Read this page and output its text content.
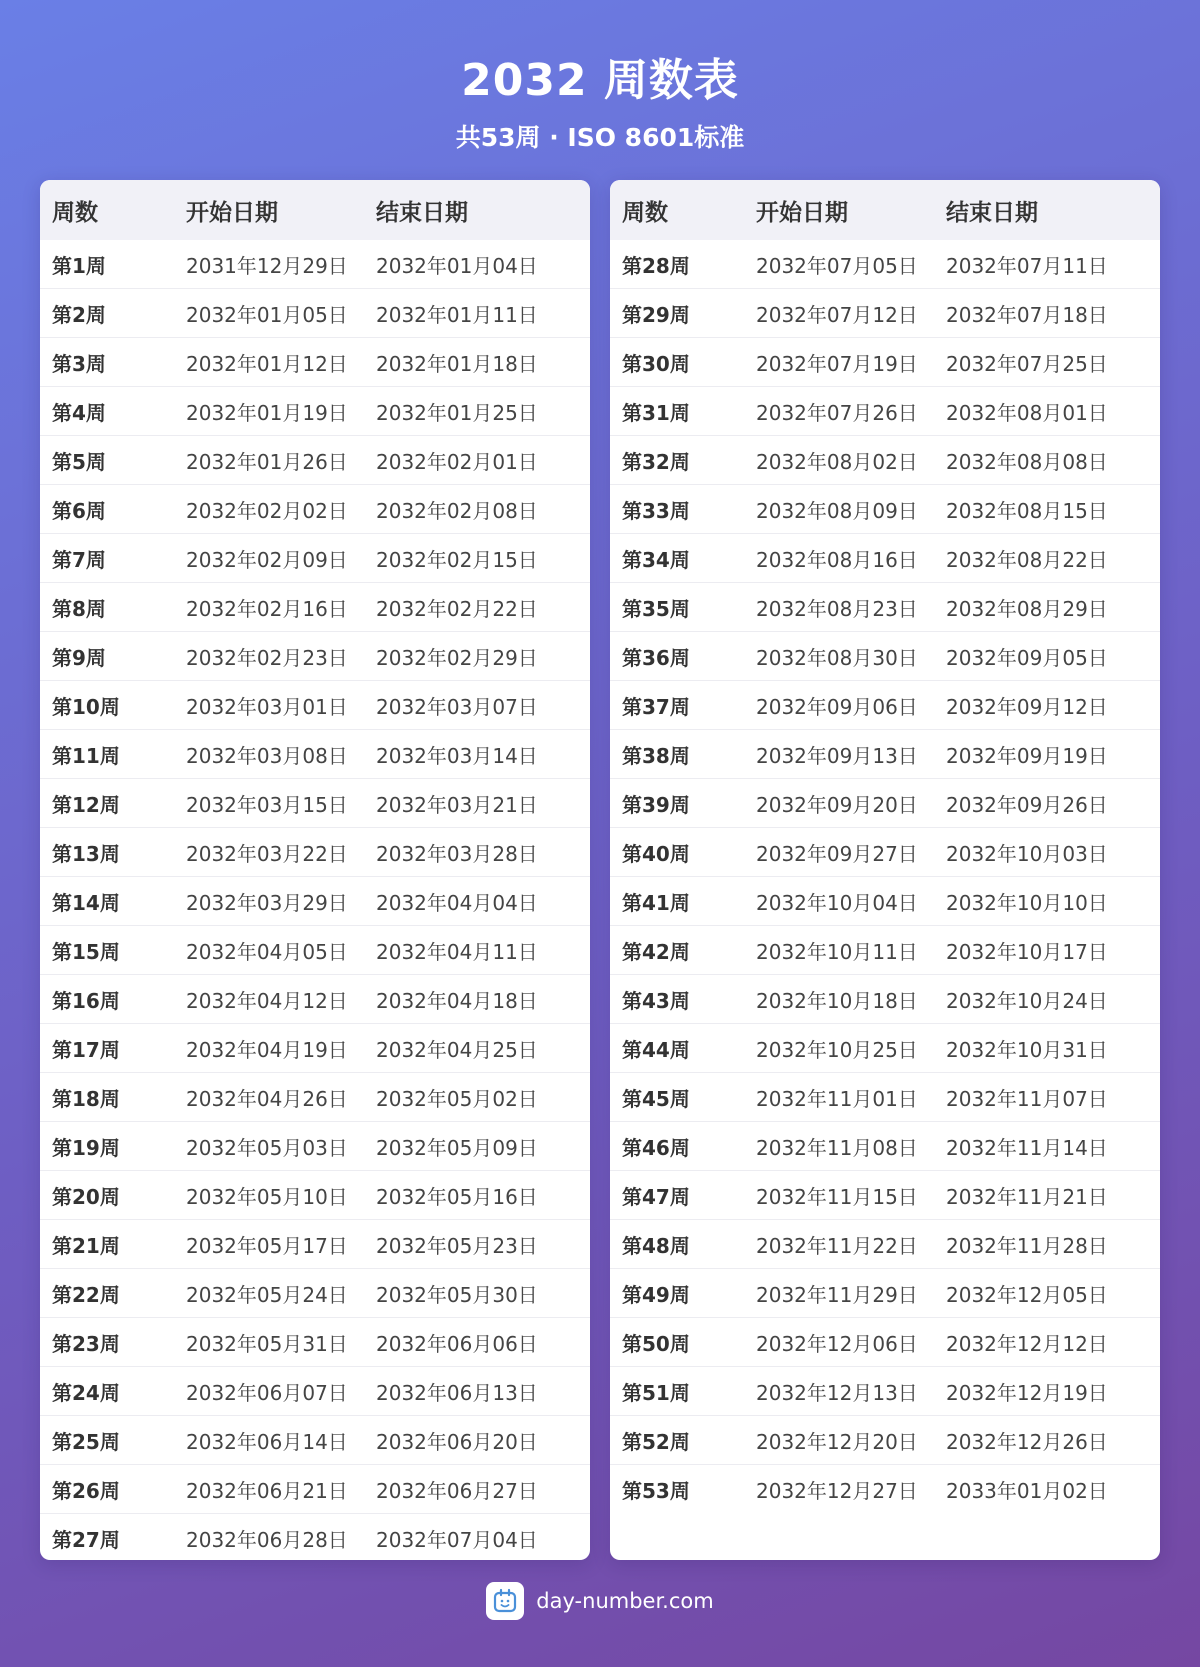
2032 周数表
共53周 · ISO 8601标准
周数	开始日期	结束日期
第1周	2031年12月29日	2032年01月04日
第2周	2032年01月05日	2032年01月11日
第3周	2032年01月12日	2032年01月18日
第4周	2032年01月19日	2032年01月25日
第5周	2032年01月26日	2032年02月01日
第6周	2032年02月02日	2032年02月08日
第7周	2032年02月09日	2032年02月15日
第8周	2032年02月16日	2032年02月22日
第9周	2032年02月23日	2032年02月29日
第10周	2032年03月01日	2032年03月07日
第11周	2032年03月08日	2032年03月14日
第12周	2032年03月15日	2032年03月21日
第13周	2032年03月22日	2032年03月28日
第14周	2032年03月29日	2032年04月04日
第15周	2032年04月05日	2032年04月11日
第16周	2032年04月12日	2032年04月18日
第17周	2032年04月19日	2032年04月25日
第18周	2032年04月26日	2032年05月02日
第19周	2032年05月03日	2032年05月09日
第20周	2032年05月10日	2032年05月16日
第21周	2032年05月17日	2032年05月23日
第22周	2032年05月24日	2032年05月30日
第23周	2032年05月31日	2032年06月06日
第24周	2032年06月07日	2032年06月13日
第25周	2032年06月14日	2032年06月20日
第26周	2032年06月21日	2032年06月27日
第27周	2032年06月28日	2032年07月04日
周数	开始日期	结束日期
第28周	2032年07月05日	2032年07月11日
第29周	2032年07月12日	2032年07月18日
第30周	2032年07月19日	2032年07月25日
第31周	2032年07月26日	2032年08月01日
第32周	2032年08月02日	2032年08月08日
第33周	2032年08月09日	2032年08月15日
第34周	2032年08月16日	2032年08月22日
第35周	2032年08月23日	2032年08月29日
第36周	2032年08月30日	2032年09月05日
第37周	2032年09月06日	2032年09月12日
第38周	2032年09月13日	2032年09月19日
第39周	2032年09月20日	2032年09月26日
第40周	2032年09月27日	2032年10月03日
第41周	2032年10月04日	2032年10月10日
第42周	2032年10月11日	2032年10月17日
第43周	2032年10月18日	2032年10月24日
第44周	2032年10月25日	2032年10月31日
第45周	2032年11月01日	2032年11月07日
第46周	2032年11月08日	2032年11月14日
第47周	2032年11月15日	2032年11月21日
第48周	2032年11月22日	2032年11月28日
第49周	2032年11月29日	2032年12月05日
第50周	2032年12月06日	2032年12月12日
第51周	2032年12月13日	2032年12月19日
第52周	2032年12月20日	2032年12月26日
第53周	2032年12月27日	2033年01月02日
day-number.com
